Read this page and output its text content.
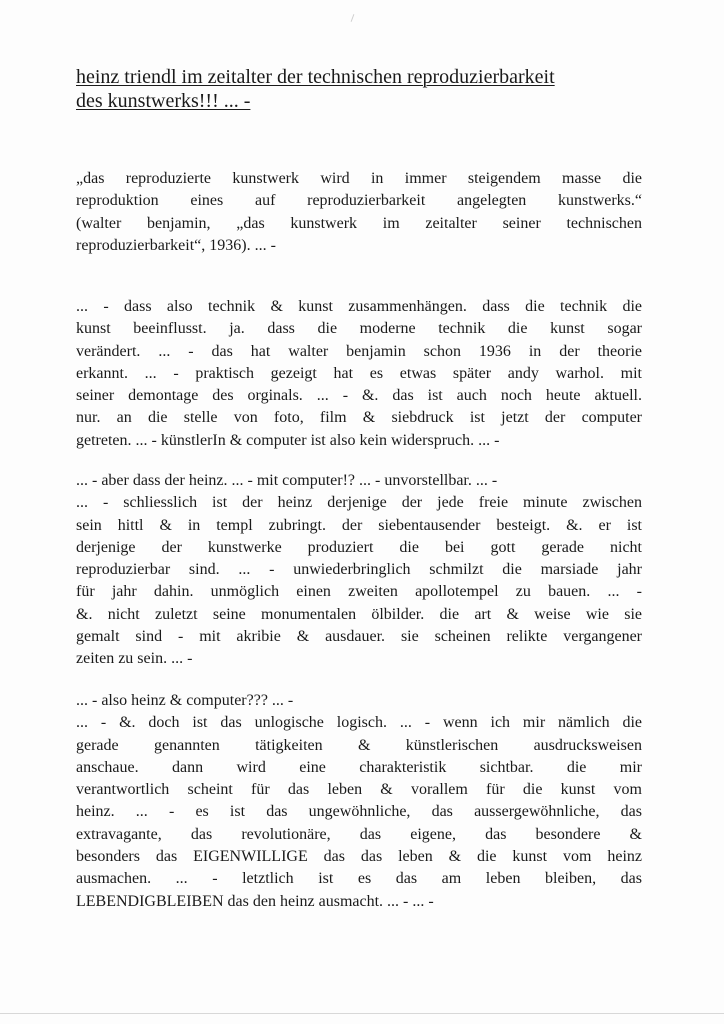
heinz triendl im zeitalter der technischen reproduzierbarkeit
des kunstwerks!!! ... -
„das reproduzierte kunstwerk wird in immer steigendem masse die
reproduktion eines auf reproduzierbarkeit angelegten kunstwerks.“
(walter benjamin, „das kunstwerk im zeitalter seiner technischen
reproduzierbarkeit“, 1936). ... -
... - dass also technik & kunst zusammenhängen. dass die technik die
kunst beeinflusst. ja. dass die moderne technik die kunst sogar
verändert. ... - das hat walter benjamin schon 1936 in der theorie
erkannt. ... - praktisch gezeigt hat es etwas später andy warhol. mit
seiner demontage des orginals. ... - &. das ist auch noch heute aktuell.
nur. an die stelle von foto, film & siebdruck ist jetzt der computer
getreten. ... - künstlerIn & computer ist also kein widerspruch. ... -
... - aber dass der heinz. ... - mit computer!? ... - unvorstellbar. ... -
... - schliesslich ist der heinz derjenige der jede freie minute zwischen
sein hittl & in templ zubringt. der siebentausender besteigt. &. er ist
derjenige der kunstwerke produziert die bei gott gerade nicht
reproduzierbar sind. ... - unwiederbringlich schmilzt die marsiade jahr
für jahr dahin. unmöglich einen zweiten apollotempel zu bauen. ... -
&. nicht zuletzt seine monumentalen ölbilder. die art & weise wie sie
gemalt sind - mit akribie & ausdauer. sie scheinen relikte vergangener
zeiten zu sein. ... -
... - also heinz & computer??? ... -
... - &. doch ist das unlogische logisch. ... - wenn ich mir nämlich die
gerade genannten tätigkeiten & künstlerischen ausdrucksweisen
anschaue. dann wird eine charakteristik sichtbar. die mir
verantwortlich scheint für das leben & vorallem für die kunst vom
heinz. ... - es ist das ungewöhnliche, das aussergewöhnliche, das
extravagante, das revolutionäre, das eigene, das besondere &
besonders das EIGENWILLIGE das das leben & die kunst vom heinz
ausmachen. ... - letztlich ist es das am leben bleiben, das
LEBENDIGBLEIBEN das den heinz ausmacht. ... - ... -
